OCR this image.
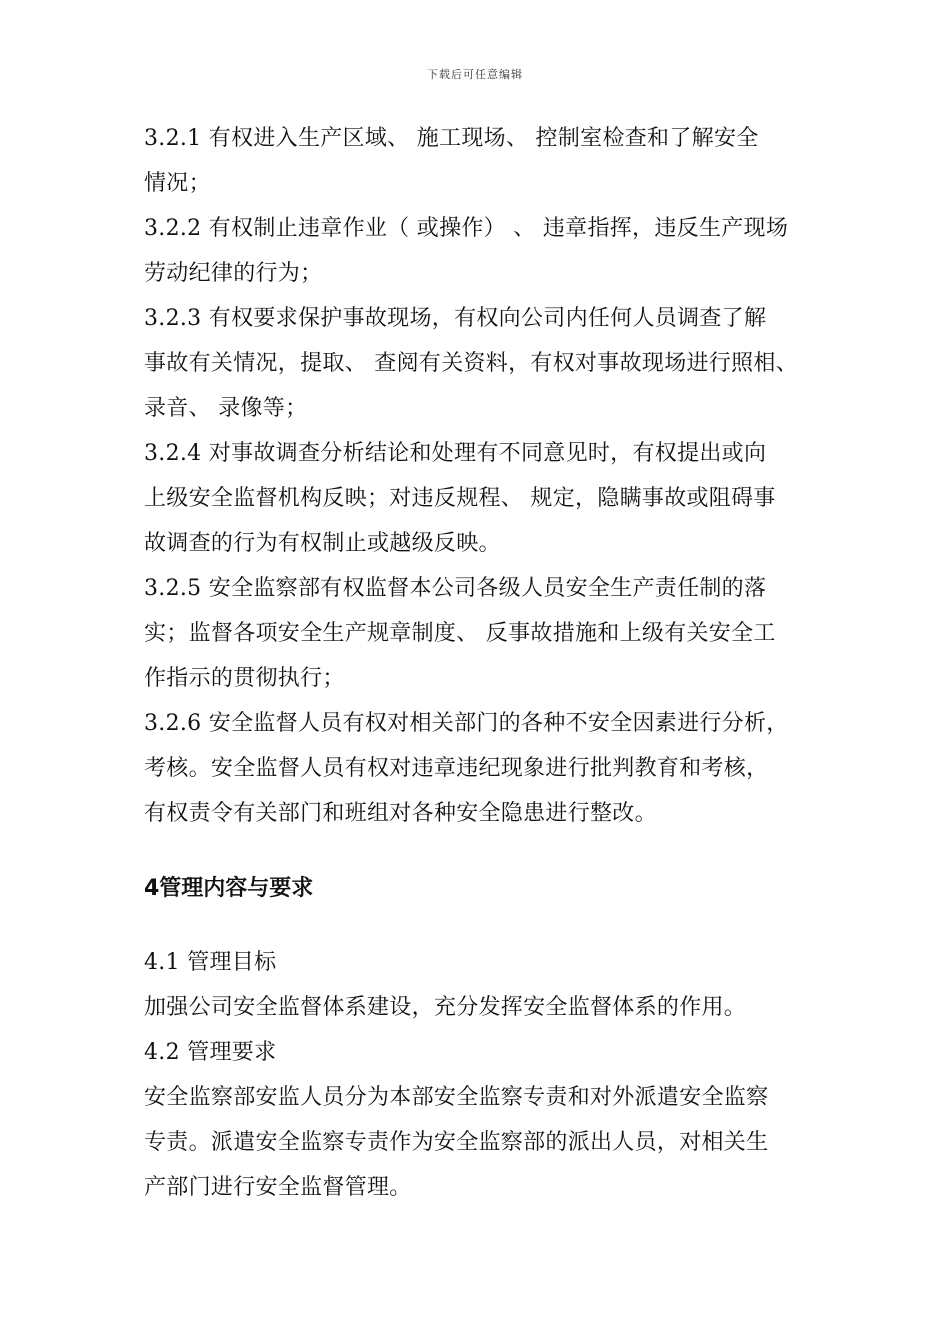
下载后可任意编辑
3.2.1 有权进入生产区域、 施工现场、 控制室检查和了解安全
情况；
3.2.2 有权制止违章作业（ 或操作） 、 违章指挥，违反生产现场
劳动纪律的行为；
3.2.3 有权要求保护事故现场，有权向公司内任何人员调查了解
事故有关情况，提取、 查阅有关资料，有权对事故现场进行照相、
录音、 录像等；
3.2.4 对事故调查分析结论和处理有不同意见时，有权提出或向
上级安全监督机构反映；对违反规程、 规定，隐瞒事故或阻碍事
故调查的行为有权制止或越级反映。
3.2.5 安全监察部有权监督本公司各级人员安全生产责任制的落
实；监督各项安全生产规章制度、 反事故措施和上级有关安全工
作指示的贯彻执行；
3.2.6 安全监督人员有权对相关部门的各种不安全因素进行分析，
考核。安全监督人员有权对违章违纪现象进行批判教育和考核，
有权责令有关部门和班组对各种安全隐患进行整改。
4管理内容与要求
4.1 管理目标
加强公司安全监督体系建设，充分发挥安全监督体系的作用。
4.2 管理要求
安全监察部安监人员分为本部安全监察专责和对外派遣安全监察
专责。派遣安全监察专责作为安全监察部的派出人员，对相关生
产部门进行安全监督管理。
